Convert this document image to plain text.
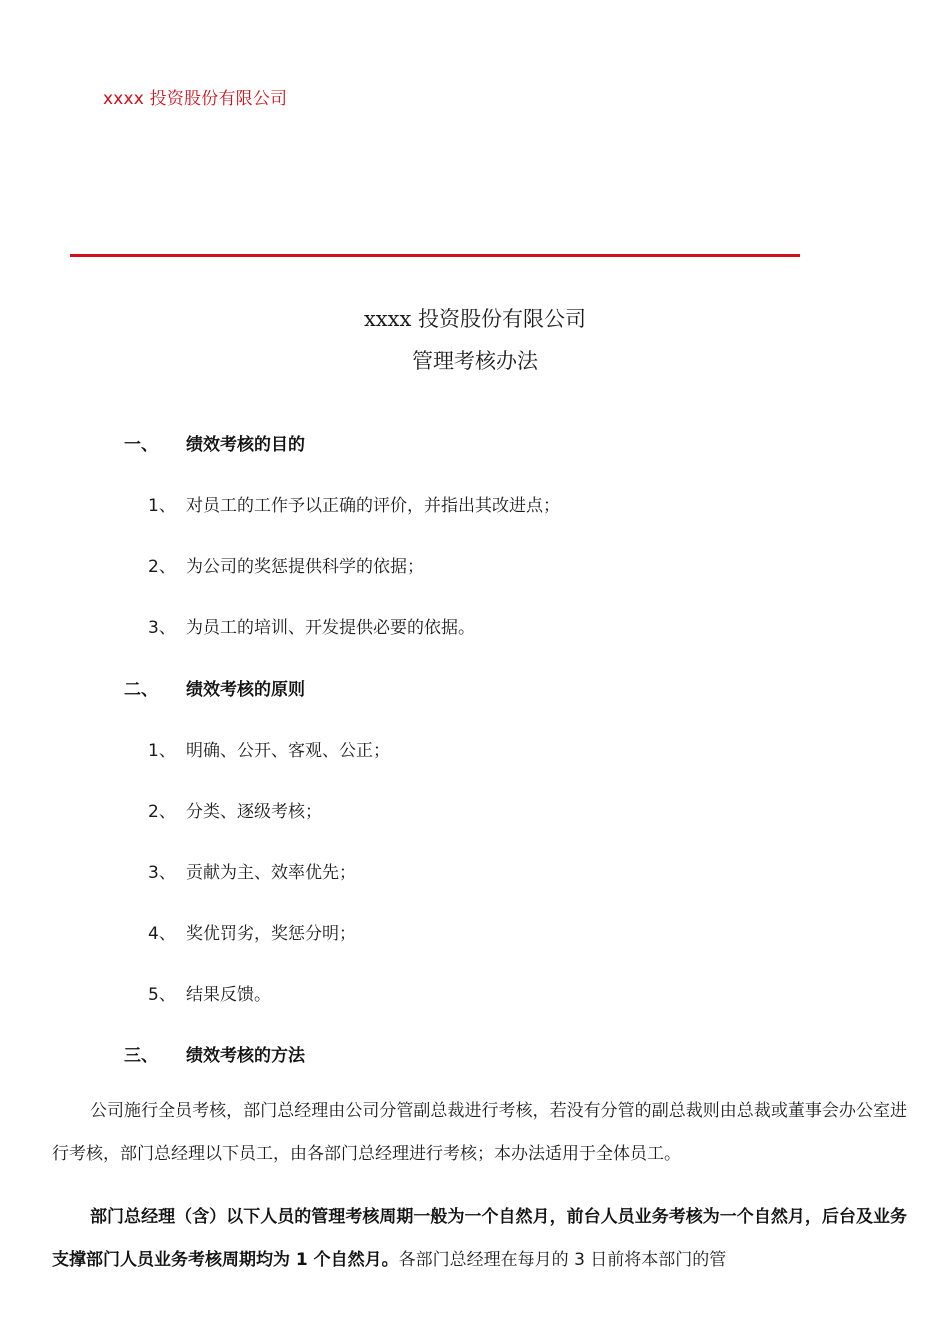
xxxx 投资股份有限公司
xxxx 投资股份有限公司
管理考核办法
一、 绩效考核的目的
1、 对员工的工作予以正确的评价，并指出其改进点；
2、 为公司的奖惩提供科学的依据；
3、 为员工的培训、开发提供必要的依据。
二、 绩效考核的原则
1、 明确、公开、客观、公正；
2、 分类、逐级考核；
3、 贡献为主、效率优先；
4、 奖优罚劣，奖惩分明；
5、 结果反馈。
三、 绩效考核的方法
公司施行全员考核，部门总经理由公司分管副总裁进行考核，若没有分管的副总裁则由总裁或董事会办公室进行考核，部门总经理以下员工，由各部门总经理进行考核；本办法适用于全体员工。
部门总经理（含）以下人员的管理考核周期一般为一个自然月，前台人员业务考核为一个自然月，后台及业务支撑部门人员业务考核周期均为 1 个自然月。各部门总经理在每月的 3 日前将本部门的管
